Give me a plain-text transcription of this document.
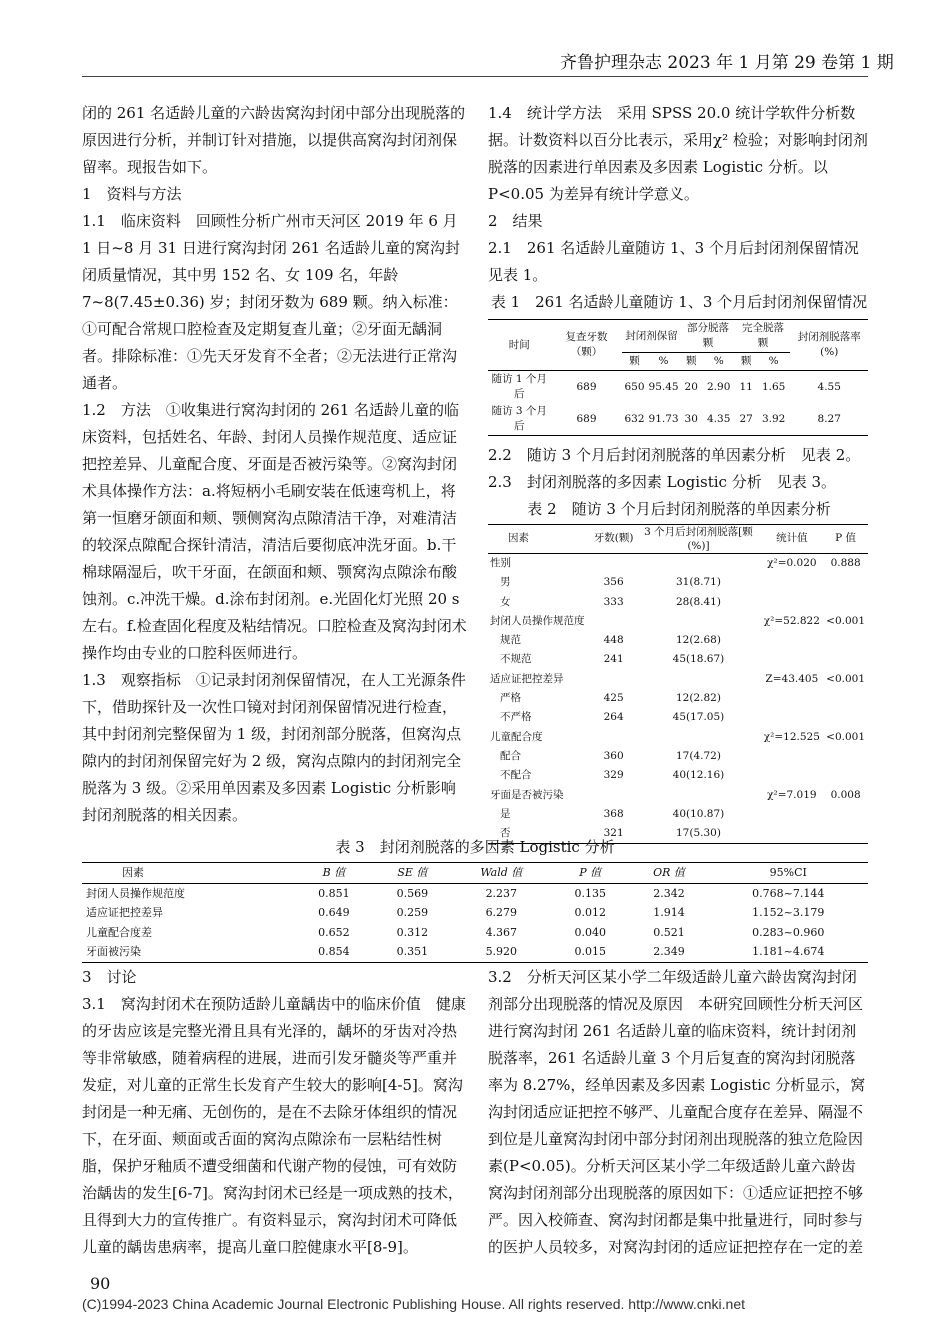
齐鲁护理杂志 2023 年 1 月第 29 卷第 1 期

闭的 261 名适龄儿童的六龄齿窝沟封闭中部分出现脱落的原因进行分析，并制订针对措施，以提供高窝沟封闭剂保留率。现报告如下。

1　资料与方法

1.1　临床资料　回顾性分析广州市天河区 2019 年 6 月 1 日~8 月 31 日进行窝沟封闭 261 名适龄儿童的窝沟封闭质量情况，其中男 152 名、女 109 名，年龄 7~8(7.45±0.36) 岁；封闭牙数为 689 颗。纳入标准：①可配合常规口腔检查及定期复查儿童；②牙面无龋洞者。排除标准：①先天牙发育不全者；②无法进行正常沟通者。

1.2　方法　①收集进行窝沟封闭的 261 名适龄儿童的临床资料，包括姓名、年龄、封闭人员操作规范度、适应证把控差异、儿童配合度、牙面是否被污染等。②窝沟封闭术具体操作方法：a.将短柄小毛刷安装在低速弯机上，将第一恒磨牙颌面和颊、颚侧窝沟点隙清洁干净，对难清洁的较深点隙配合探针清洁，清洁后要彻底冲洗牙面。b.干棉球隔湿后，吹干牙面，在颌面和颊、颚窝沟点隙涂布酸蚀剂。c.冲洗干燥。d.涂布封闭剂。e.光固化灯光照 20 s 左右。f.检查固化程度及粘结情况。口腔检查及窝沟封闭术操作均由专业的口腔科医师进行。

1.3　观察指标　①记录封闭剂保留情况，在人工光源条件下，借助探针及一次性口镜对封闭剂保留情况进行检查，其中封闭剂完整保留为 1 级，封闭剂部分脱落，但窝沟点隙内的封闭剂保留完好为 2 级，窝沟点隙内的封闭剂完全脱落为 3 级。②采用单因素及多因素 Logistic 分析影响封闭剂脱落的相关因素。

1.4　统计学方法　采用 SPSS 20.0 统计学软件分析数据。计数资料以百分比表示，采用χ² 检验；对影响封闭剂脱落的因素进行单因素及多因素 Logistic 分析。以 P<0.05 为差异有统计学意义。

2　结果

2.1　261 名适龄儿童随访 1、3 个月后封闭剂保留情况　见表 1。

表 1　261 名适龄儿童随访 1、3 个月后封闭剂保留情况

时间	复查牙数（颗）	封闭剂保留		部分脱落颗		完全脱落颗		封闭剂脱落率(%)
		颗	%	颗	%	颗	%	
随访 1 个月后	689	650	95.45	20	2.90	11	1.65	4.55
随访 3 个月后	689	632	91.73	30	4.35	27	3.92	8.27

2.2　随访 3 个月后封闭剂脱落的单因素分析　见表 2。

2.3　封闭剂脱落的多因素 Logistic 分析　见表 3。

表 2　随访 3 个月后封闭剂脱落的单因素分析

因素	牙数(颗)	3 个月后封闭剂脱落[颗(%)]	统计值	P 值
性别			χ²=0.020	0.888
男	356	31(8.71)		
女	333	28(8.41)		
封闭人员操作规范度			χ²=52.822	<0.001
规范	448	12(2.68)		
不规范	241	45(18.67)		
适应证把控差异			Z=43.405	<0.001
严格	425	12(2.82)		
不严格	264	45(17.05)		
儿童配合度			χ²=12.525	<0.001
配合	360	17(4.72)		
不配合	329	40(12.16)		
牙面是否被污染			χ²=7.019	0.008
是	368	40(10.87)		
否	321	17(5.30)		

表 3　封闭剂脱落的多因素 Logistic 分析

因素	B 值	SE 值	Wald 值	P 值	OR 值	95%CI
封闭人员操作规范度	0.851	0.569	2.237	0.135	2.342	0.768~7.144
适应证把控差异	0.649	0.259	6.279	0.012	1.914	1.152~3.179
儿童配合度差	0.652	0.312	4.367	0.040	0.521	0.283~0.960
牙面被污染	0.854	0.351	5.920	0.015	2.349	1.181~4.674

3　讨论

3.1　窝沟封闭术在预防适龄儿童龋齿中的临床价值　健康的牙齿应该是完整光滑且具有光泽的，龋坏的牙齿对冷热等非常敏感，随着病程的进展，进而引发牙髓炎等严重并发症，对儿童的正常生长发育产生较大的影响[4-5]。窝沟封闭是一种无痛、无创伤的，是在不去除牙体组织的情况下，在牙面、颊面或舌面的窝沟点隙涂布一层粘结性树脂，保护牙釉质不遭受细菌和代谢产物的侵蚀，可有效防治龋齿的发生[6-7]。窝沟封闭术已经是一项成熟的技术，且得到大力的宣传推广。有资料显示，窝沟封闭术可降低儿童的龋齿患病率，提高儿童口腔健康水平[8-9]。

3.2　分析天河区某小学二年级适龄儿童六龄齿窝沟封闭剂部分出现脱落的情况及原因　本研究回顾性分析天河区进行窝沟封闭 261 名适龄儿童的临床资料，统计封闭剂脱落率，261 名适龄儿童 3 个月后复查的窝沟封闭脱落率为 8.27%，经单因素及多因素 Logistic 分析显示，窝沟封闭适应证把控不够严、儿童配合度存在差异、隔湿不到位是儿童窝沟封闭中部分封闭剂出现脱落的独立危险因素(P<0.05)。分析天河区某小学二年级适龄儿童六龄齿窝沟封闭剂部分出现脱落的原因如下：①适应证把控不够严。因入校筛查、窝沟封闭都是集中批量进行，同时参与的医护人员较多，对窝沟封闭的适应证把控存在一定的差

90
(C)1994-2023 China Academic Journal Electronic Publishing House. All rights reserved. http://www.cnki.net
